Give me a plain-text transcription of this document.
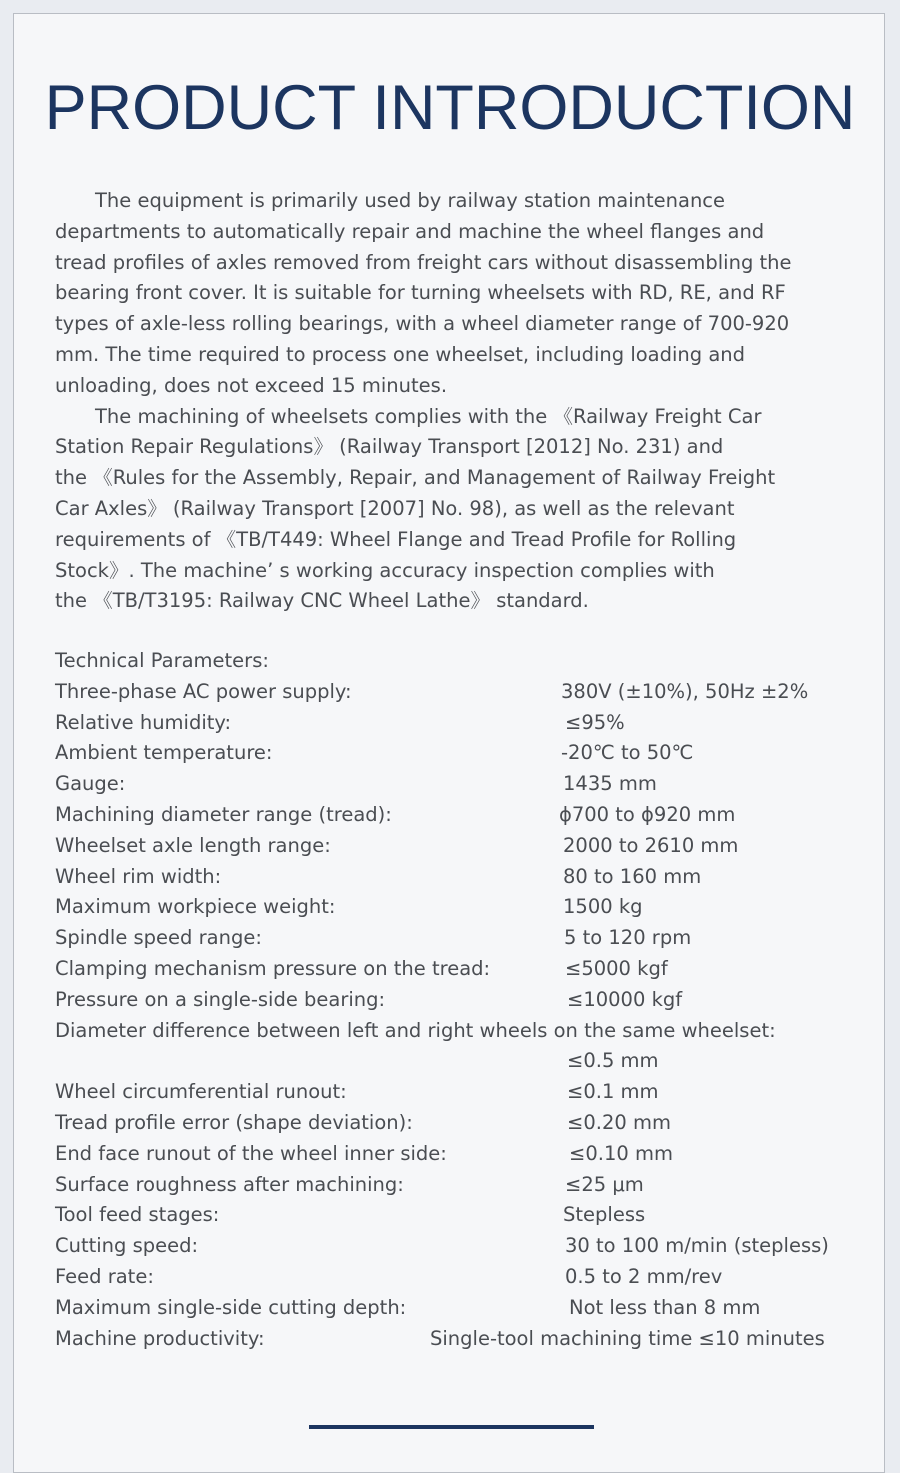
PRODUCT INTRODUCTION

The equipment is primarily used by railway station maintenance
departments to automatically repair and machine the wheel flanges and
tread profiles of axles removed from freight cars without disassembling the
bearing front cover. It is suitable for turning wheelsets with RD, RE, and RF
types of axle-less rolling bearings, with a wheel diameter range of 700-920
mm. The time required to process one wheelset, including loading and
unloading, does not exceed 15 minutes.

The machining of wheelsets complies with the 《Railway Freight Car
Station Repair Regulations》 (Railway Transport [2012] No. 231) and
the 《Rules for the Assembly, Repair, and Management of Railway Freight
Car Axles》 (Railway Transport [2007] No. 98), as well as the relevant
requirements of 《TB/T449: Wheel Flange and Tread Profile for Rolling
Stock》. The machine’ s working accuracy inspection complies with
the 《TB/T3195: Railway CNC Wheel Lathe》 standard.

Technical Parameters:
Three-phase AC power supply:	380V (±10%), 50Hz ±2%
Relative humidity:	≤95%
Ambient temperature:	-20℃ to 50℃
Gauge:	1435 mm
Machining diameter range (tread):	ϕ700 to ϕ920 mm
Wheelset axle length range:	2000 to 2610 mm
Wheel rim width:	80 to 160 mm
Maximum workpiece weight:	1500 kg
Spindle speed range:	5 to 120 rpm
Clamping mechanism pressure on the tread:	≤5000 kgf
Pressure on a single-side bearing:	≤10000 kgf
Diameter difference between left and right wheels on the same wheelset:
≤0.5 mm
Wheel circumferential runout:	≤0.1 mm
Tread profile error (shape deviation):	≤0.20 mm
End face runout of the wheel inner side:	≤0.10 mm
Surface roughness after machining:	≤25 μm
Tool feed stages:	Stepless
Cutting speed:	30 to 100 m/min (stepless)
Feed rate:	0.5 to 2 mm/rev
Maximum single-side cutting depth:	Not less than 8 mm
Machine productivity:	Single-tool machining time ≤10 minutes
